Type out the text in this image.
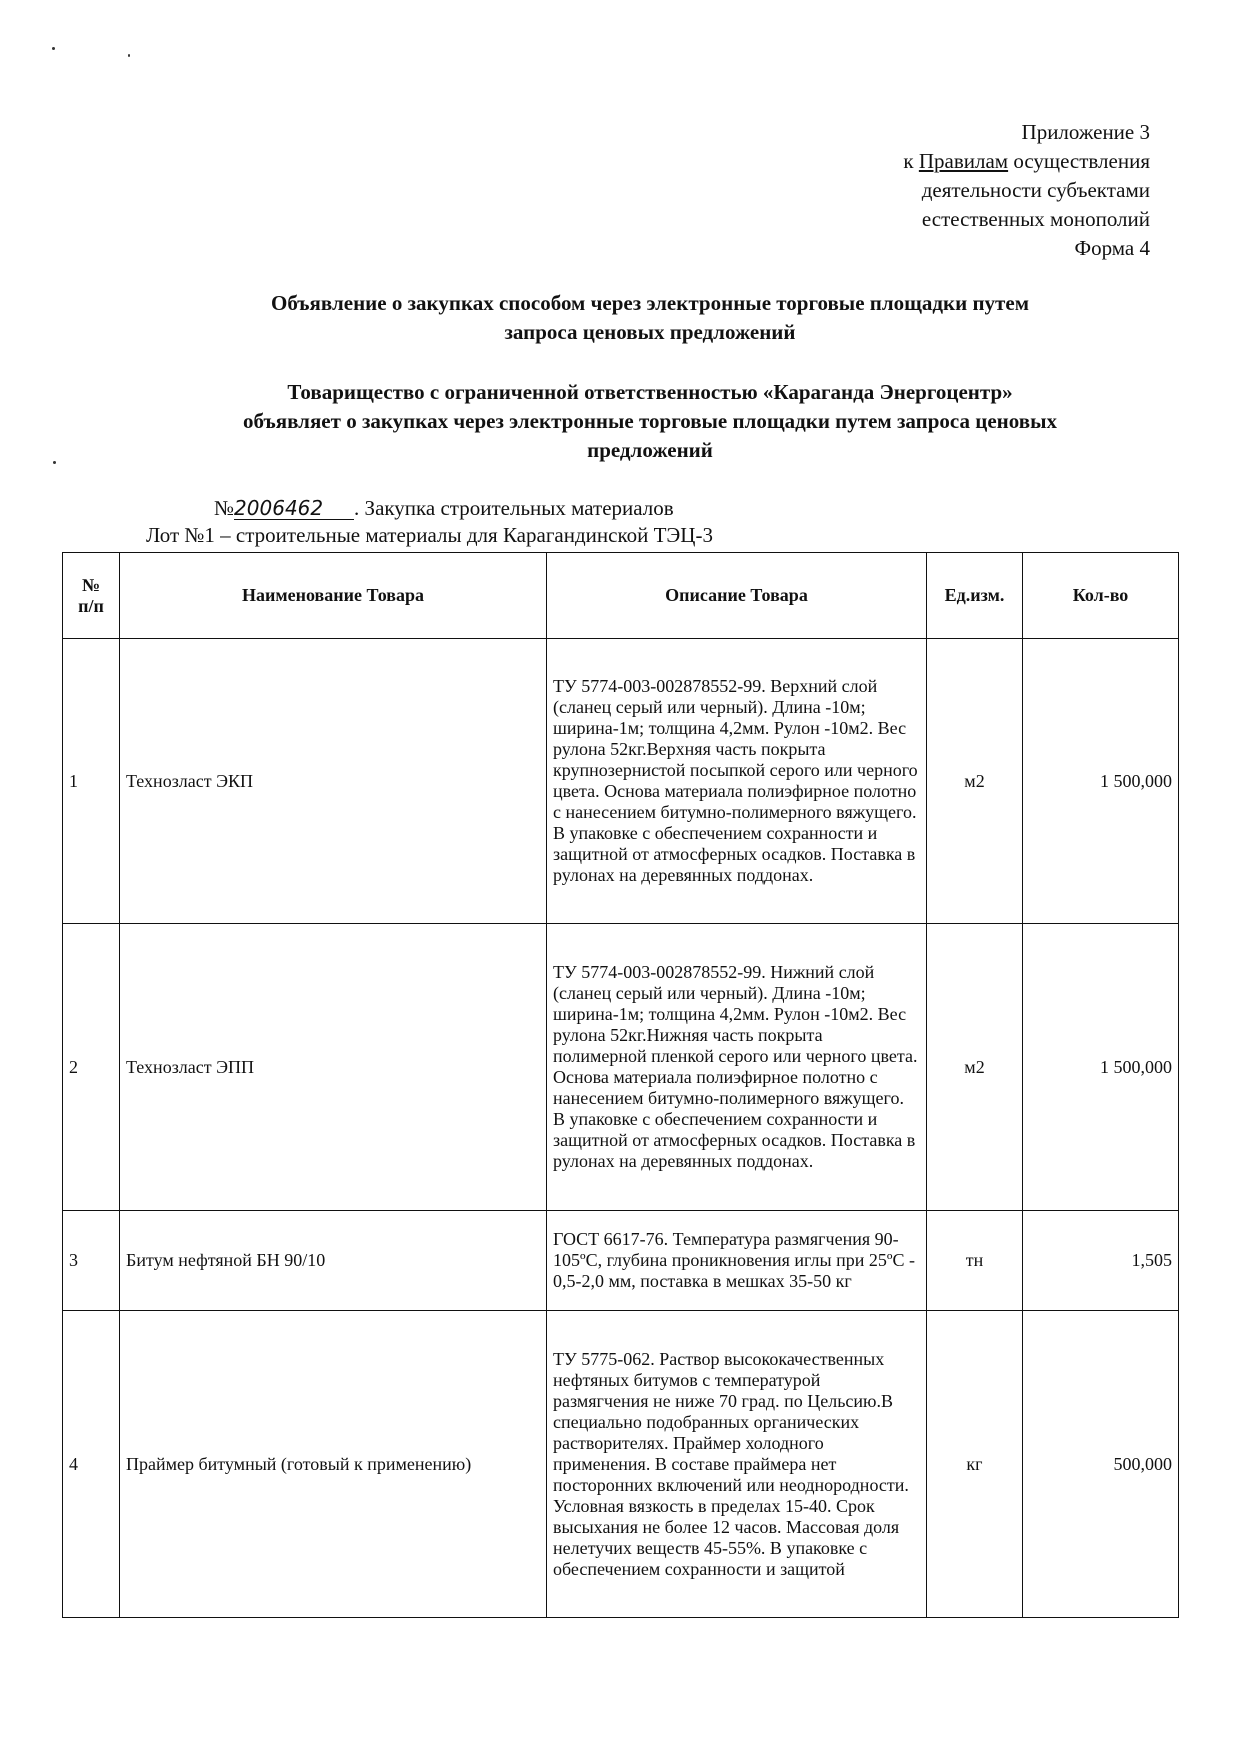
Приложение 3
к Правилам осуществления
деятельности субъектами
естественных монополий
Форма 4
Объявление о закупках способом через электронные торговые площадки путем
запроса ценовых предложений
Товарищество с ограниченной ответственностью «Караганда Энергоцентр»
объявляет о закупках через электронные торговые площадки путем запроса ценовых
предложений
№2006462 . Закупка строительных материалов
Лот №1 – строительные материалы для Карагандинской ТЭЦ-3
№
п/п	Наименование Товара	Описание Товара	Ед.изм.	Кол-во
1	Технозласт ЭКП	ТУ 5774-003-002878552-99. Верхний слой (сланец серый или черный). Длина -10м; ширина-1м; толщина 4,2мм. Рулон -10м2. Вес рулона 52кг.Верхняя часть покрыта крупнозернистой посыпкой серого или черного цвета. Основа материала полиэфирное полотно с нанесением битумно-полимерного вяжущего. В упаковке с обеспечением сохранности и защитной от атмосферных осадков. Поставка в рулонах на деревянных поддонах.	м2	1 500,000
2	Технозласт ЭПП	ТУ 5774-003-002878552-99. Нижний слой (сланец серый или черный). Длина -10м; ширина-1м; толщина 4,2мм. Рулон -10м2. Вес рулона 52кг.Нижняя часть покрыта полимерной пленкой серого или черного цвета. Основа материала полиэфирное полотно с нанесением битумно-полимерного вяжущего. В упаковке с обеспечением сохранности и защитной от атмосферных осадков. Поставка в рулонах на деревянных поддонах.	м2	1 500,000
3	Битум нефтяной БН 90/10	ГОСТ 6617-76. Температура размягчения 90-105ºС, глубина проникновения иглы при 25ºС - 0,5-2,0 мм, поставка в мешках 35-50 кг	тн	1,505
4	Праймер битумный (готовый к применению)	ТУ 5775-062. Раствор высококачественных нефтяных битумов с температурой размягчения не ниже 70 град. по Цельсию.В специально подобранных органических растворителях. Праймер холодного применения. В составе праймера нет посторонних включений или неоднородности. Условная вязкость в пределах 15-40. Срок высыхания не более 12 часов. Массовая доля нелетучих веществ 45-55%. В упаковке с обеспечением сохранности и защитой	кг	500,000
